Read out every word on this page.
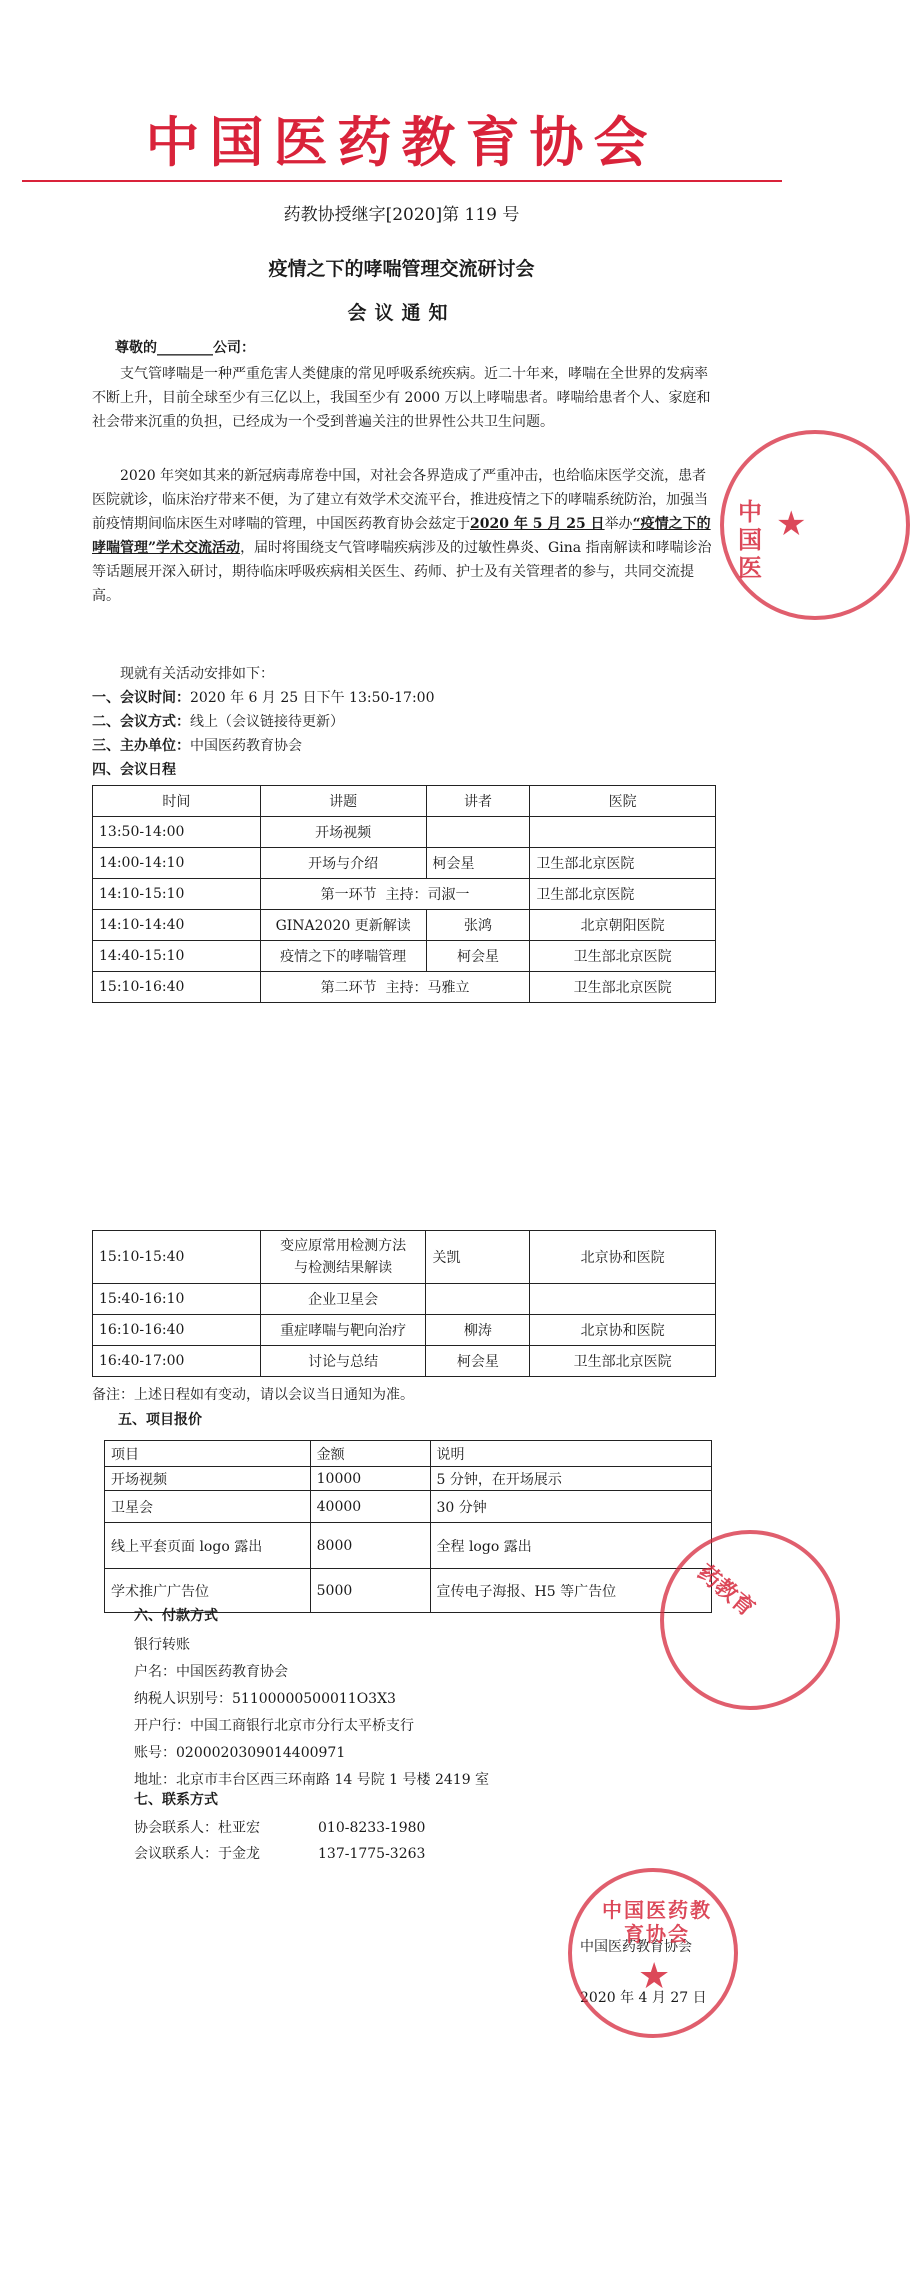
中国医药教育协会
药教协授继字[2020]第 119 号
疫情之下的哮喘管理交流研讨会
会议通知
尊敬的________公司：
支气管哮喘是一种严重危害人类健康的常见呼吸系统疾病。近二十年来，哮喘在全世界的发病率不断上升，目前全球至少有三亿以上，我国至少有 2000 万以上哮喘患者。哮喘给患者个人、家庭和社会带来沉重的负担，已经成为一个受到普遍关注的世界性公共卫生问题。
2020 年突如其来的新冠病毒席卷中国，对社会各界造成了严重冲击，也给临床医学交流，患者医院就诊，临床治疗带来不便，为了建立有效学术交流平台，推进疫情之下的哮喘系统防治，加强当前疫情期间临床医生对哮喘的管理，中国医药教育协会兹定于2020 年 5 月 25 日举办“疫情之下的哮喘管理”学术交流活动，届时将围绕支气管哮喘疾病涉及的过敏性鼻炎、Gina 指南解读和哮喘诊治等话题展开深入研讨，期待临床呼吸疾病相关医生、药师、护士及有关管理者的参与，共同交流提高。
现就有关活动安排如下：
一、会议时间：2020 年 6 月 25 日下午 13:50-17:00
二、会议方式：线上（会议链接待更新）
三、主办单位：中国医药教育协会
四、会议日程
时间	讲题	讲者	医院
13:50-14:00	开场视频		
14:00-14:10	开场与介绍	柯会星	卫生部北京医院
14:10-15:10	第一环节 主持：司淑一		卫生部北京医院
14:10-14:40	GINA2020 更新解读	张鸿	北京朝阳医院
14:40-15:10	疫情之下的哮喘管理	柯会星	卫生部北京医院
15:10-16:40	第二环节 主持：马雅立		卫生部北京医院
15:10-15:40	变应原常用检测方法
与检测结果解读	关凯	北京协和医院
15:40-16:10	企业卫星会		
16:10-16:40	重症哮喘与靶向治疗	柳涛	北京协和医院
16:40-17:00	讨论与总结	柯会星	卫生部北京医院
备注：上述日程如有变动，请以会议当日通知为准。
五、项目报价
项目	金额	说明
开场视频	10000	5 分钟，在开场展示
卫星会	40000	30 分钟
线上平套页面 logo 露出	8000	全程 logo 露出
学术推广广告位	5000	宣传电子海报、H5 等广告位
六、付款方式
银行转账
户名：中国医药教育协会
纳税人识别号：51100000500011O3X3
开户行：中国工商银行北京市分行太平桥支行
账号：0200020309014400971
地址：北京市丰台区西三环南路 14 号院 1 号楼 2419 室
七、联系方式
协会联系人：杜亚宏	010-8233-1980
会议联系人：于金龙	137-1775-3263
中国医药教育协会
2020 年 4 月 27 日
中国医
★
药教育
中国医药教育协会
★
